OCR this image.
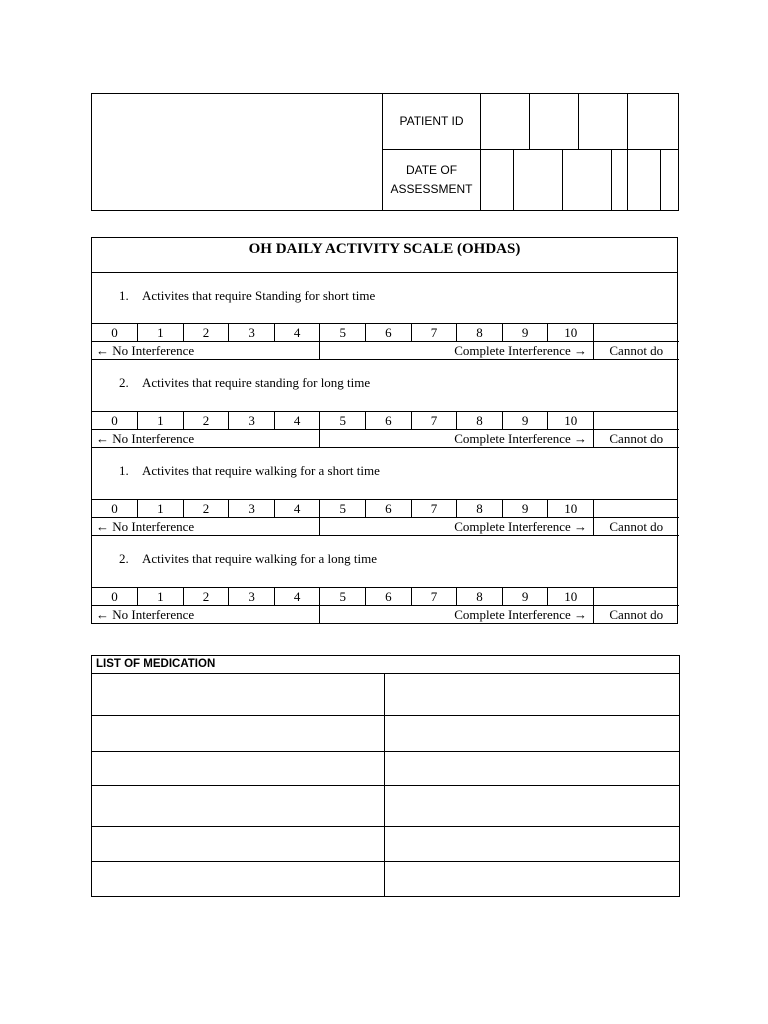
	PATIENT ID								
	DATE OF
ASSESSMENT								
OH DAILY ACTIVITY SCALE (OHDAS)
1. Activites that require Standing for short time
0	1	2	3	4	5	6	7	8	9	10	
← No Interference					Complete Interference →						Cannot do
2. Activites that require standing for long time
0	1	2	3	4	5	6	7	8	9	10	
← No Interference					Complete Interference →						Cannot do
1. Activites that require walking for a short time
0	1	2	3	4	5	6	7	8	9	10	
← No Interference					Complete Interference →						Cannot do
2. Activites that require walking for a long time
0	1	2	3	4	5	6	7	8	9	10	
← No Interference					Complete Interference →						Cannot do
LIST OF MEDICATION	
